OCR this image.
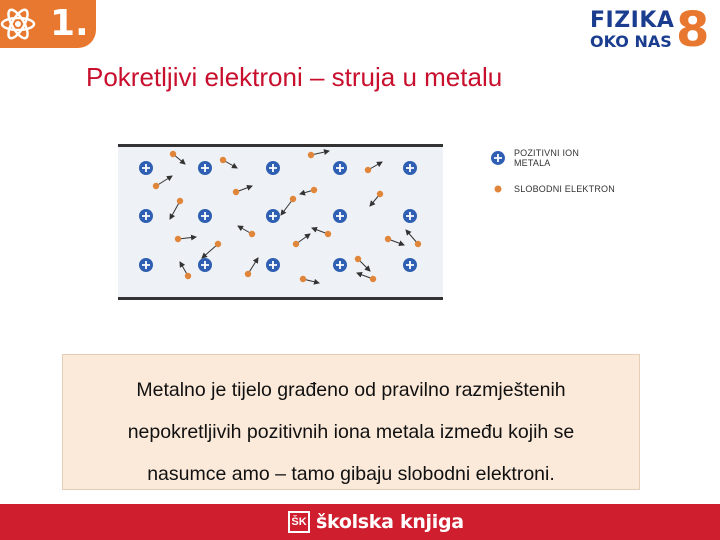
1.	FIZIKA
OKO NAS 8
Pokretljivi elektroni – struja u metalu
POZITIVNI ION METALA
SLOBODNI ELEKTRON
Metalno je tijelo građeno od pravilno razmještenih
nepokretljivih pozitivnih iona metala između kojih se
nasumce amo – tamo gibaju slobodni elektroni.
ŠK školska knjiga
